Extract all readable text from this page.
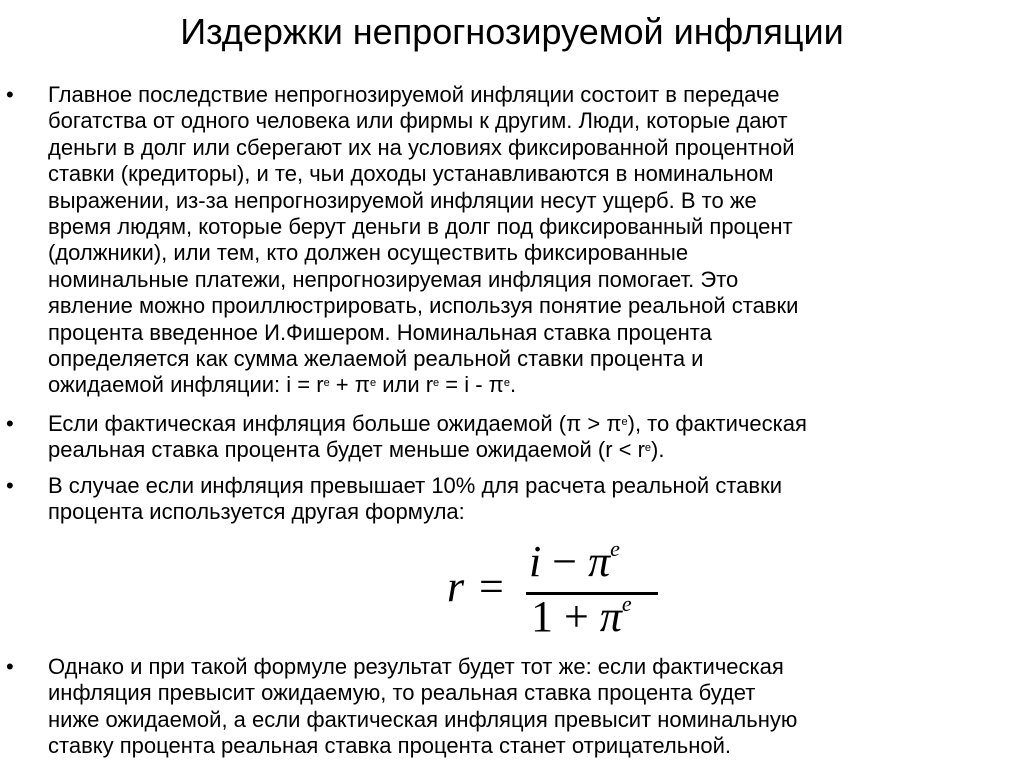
Издержки непрогнозируемой инфляции
•	Главное последствие непрогнозируемой инфляции состоит в передаче
богатства от одного человека или фирмы к другим. Люди, которые дают
деньги в долг или сберегают их на условиях фиксированной процентной
ставки (кредиторы), и те, чьи доходы устанавливаются в номинальном
выражении, из-за непрогнозируемой инфляции несут ущерб. В то же
время людям, которые берут деньги в долг под фиксированный процент
(должники), или тем, кто должен осуществить фиксированные
номинальные платежи, непрогнозируемая инфляция помогает. Это
явление можно проиллюстрировать, используя понятие реальной ставки
процента введенное И.Фишером. Номинальная ставка процента
определяется как сумма желаемой реальной ставки процента и
ожидаемой инфляции: $i = r^e + \pi^e$ или $r^e = i - \pi^e$.
•	Если фактическая инфляция больше ожидаемой $(\pi > \pi^e)$, то фактическая
реальная ставка процента будет меньше ожидаемой $(r < r^e)$.
•	В случае если инфляция превышает 10% для расчета реальной ставки
процента используется другая формула:
r =
$i - \pi^e$
$1 + \pi^e$
•	Однако и при такой формуле результат будет тот же: если фактическая
инфляция превысит ожидаемую, то реальная ставка процента будет
ниже ожидаемой, а если фактическая инфляция превысит номинальную
ставку процента реальная ставка процента станет отрицательной.
